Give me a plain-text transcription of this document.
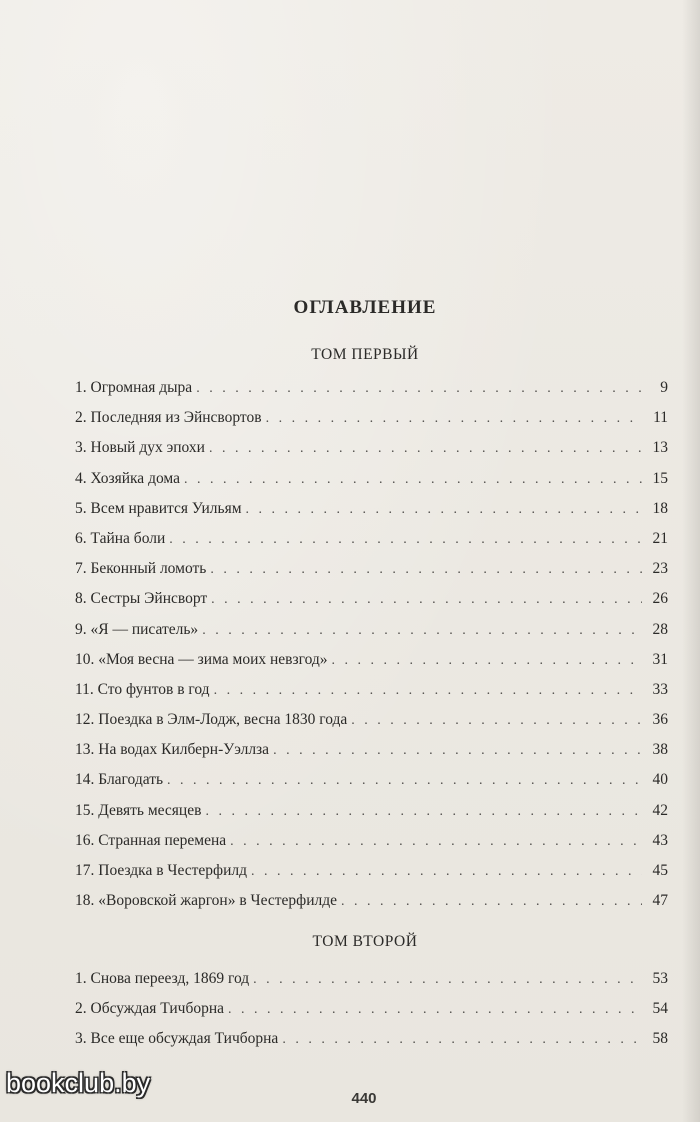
ОГЛАВЛЕНИЕ
ТОМ ПЕРВЫЙ
1. Огромная дыра . . .	9
2. Последняя из Эйнсвортов . . .	11
3. Новый дух эпохи . . .	13
4. Хозяйка дома . . .	15
5. Всем нравится Уильям . . .	18
6. Тайна боли . . .	21
7. Беконный ломоть . . .	23
8. Сестры Эйнсворт . . .	26
9. «Я — писатель» . . .	28
10. «Моя весна — зима моих невзгод» . . .	31
11. Сто фунтов в год . . .	33
12. Поездка в Элм-Лодж, весна 1830 года . . .	36
13. На водах Килберн-Уэллза . . .	38
14. Благодать . . .	40
15. Девять месяцев . . .	42
16. Странная перемена . . .	43
17. Поездка в Честерфилд . . .	45
18. «Воровской жаргон» в Честерфилде . . .	47
ТОМ ВТОРОЙ
1. Снова переезд, 1869 год . . .	53
2. Обсуждая Тичборна . . .	54
3. Все еще обсуждая Тичборна . . .	58
440
bookclub.by
